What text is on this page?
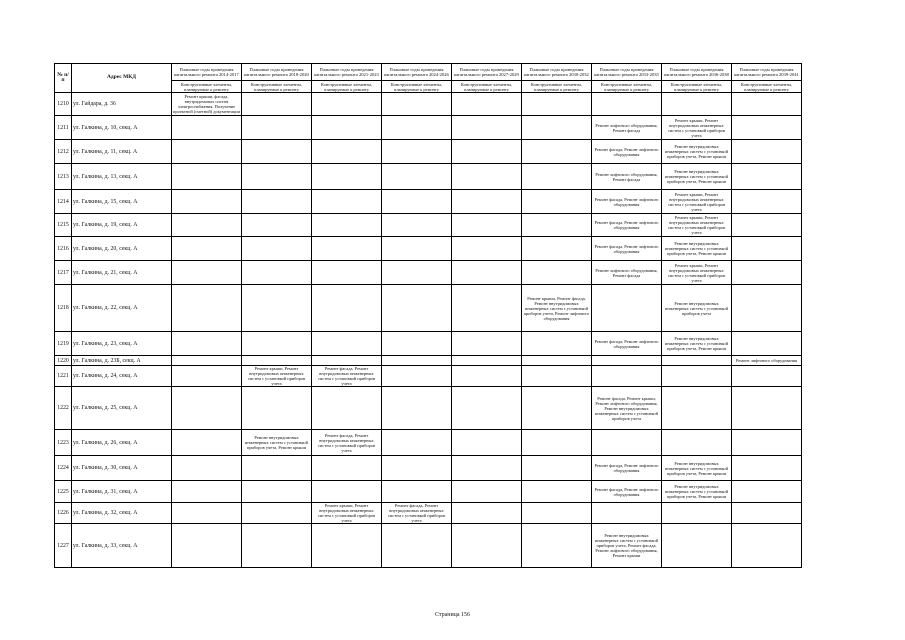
№ п/п	Адрес МКД	Плановые годы проведения капитального ремонта 2014-2017	Плановые годы проведения капитального ремонта 2018-2020	Плановые годы проведения капитального ремонта 2021-2023	Плановые годы проведения капитального ремонта 2024-2026	Плановые годы проведения капитального ремонта 2027-2029	Плановые годы проведения капитального ремонта 2030-2032	Плановые годы проведения капитального ремонта 2033-2035	Плановые годы проведения капитального ремонта 2036-2038	Плановые годы проведения капитального ремонта 2039-2041
		Конструктивные элементы, планируемые к ремонту	Конструктивные элементы, планируемые к ремонту	Конструктивные элементы, планируемые к ремонту	Конструктивные элементы, планируемые к ремонту	Конструктивные элементы, планируемые к ремонту	Конструктивные элементы, планируемые к ремонту	Конструктивные элементы, планируемые к ремонту	Конструктивные элементы, планируемые к ремонту	Конструктивные элементы, планируемые к ремонту
1210	ул. Гайдара, д. 36	Ремонт крыши, фасада, внутридомовых систем электроснабжения. Получение проектной (сметной) документации								
1211	ул. Галкина, д. 10, секц. А							Ремонт лифтового оборудования, Ремонт фасада	Ремонт крыши, Ремонт внутридомовых инженерных систем с установкой приборов учета	
1212	ул. Галкина, д. 11, секц. А							Ремонт фасада, Ремонт лифтового оборудования	Ремонт внутридомовых инженерных систем с установкой приборов учета, Ремонт крыши	
1213	ул. Галкина, д. 13, секц. А							Ремонт лифтового оборудования, Ремонт фасада	Ремонт внутридомовых инженерных систем с установкой приборов учета, Ремонт крыши	
1214	ул. Галкина, д. 15, секц. А							Ремонт фасада, Ремонт лифтового оборудования	Ремонт крыши, Ремонт внутридомовых инженерных систем с установкой приборов учета	
1215	ул. Галкина, д. 19, секц. А							Ремонт фасада, Ремонт лифтового оборудования	Ремонт крыши, Ремонт внутридомовых инженерных систем с установкой приборов учета	
1216	ул. Галкина, д. 20, секц. А							Ремонт фасада, Ремонт лифтового оборудования	Ремонт внутридомовых инженерных систем с установкой приборов учета, Ремонт крыши	
1217	ул. Галкина, д. 21, секц. А							Ремонт лифтового оборудования, Ремонт фасада	Ремонт крыши, Ремонт внутридомовых инженерных систем с установкой приборов учета	
1218	ул. Галкина, д. 22, секц. А						Ремонт крыши, Ремонт фасада, Ремонт внутридомовых инженерных систем с установкой приборов учета, Ремонт лифтового оборудования		Ремонт внутридомовых инженерных систем с установкой приборов учета	
1219	ул. Галкина, д. 23, секц. А							Ремонт фасада, Ремонт лифтового оборудования	Ремонт внутридомовых инженерных систем с установкой приборов учета, Ремонт крыши	
1220	ул. Галкина, д. 23Б, секц. А									Ремонт лифтового оборудования
1221	ул. Галкина, д. 24, секц. А		Ремонт крыши, Ремонт внутридомовых инженерных систем с установкой приборов учета	Ремонт фасада, Ремонт внутридомовых инженерных систем с установкой приборов учета						
1222	ул. Галкина, д. 25, секц. А							Ремонт фасада, Ремонт крыши, Ремонт лифтового оборудования, Ремонт внутридомовых инженерных систем с установкой приборов учета		
1223	ул. Галкина, д. 26, секц. А		Ремонт внутридомовых инженерных систем с установкой приборов учета, Ремонт крыши	Ремонт фасада, Ремонт внутридомовых инженерных систем с установкой приборов учета						
1224	ул. Галкина, д. 30, секц. А							Ремонт фасада, Ремонт лифтового оборудования	Ремонт внутридомовых инженерных систем с установкой приборов учета, Ремонт крыши	
1225	ул. Галкина, д. 31, секц. А							Ремонт фасада, Ремонт лифтового оборудования	Ремонт внутридомовых инженерных систем с установкой приборов учета, Ремонт крыши	
1226	ул. Галкина, д. 32, секц. А			Ремонт крыши, Ремонт внутридомовых инженерных систем с установкой приборов учета	Ремонт фасада, Ремонт внутридомовых инженерных систем с установкой приборов учета					
1227	ул. Галкина, д. 33, секц. А							Ремонт внутридомовых инженерных систем с установкой приборов учета, Ремонт фасада, Ремонт лифтового оборудования, Ремонт крыши		
Страница 156
